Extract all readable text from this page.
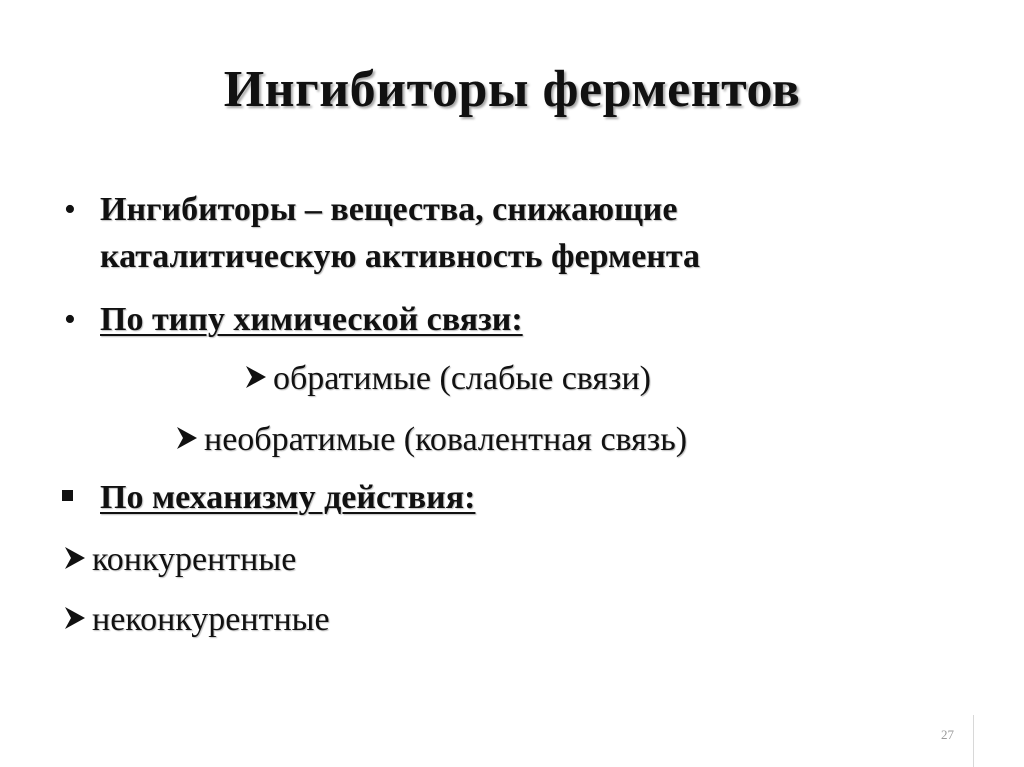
Ингибиторы ферментов
• Ингибиторы – вещества, снижающие
каталитическую активность фермента
• По типу химической связи:
обратимые (слабые связи)
необратимые (ковалентная связь)
По механизму действия:
конкурентные
неконкурентные
27
